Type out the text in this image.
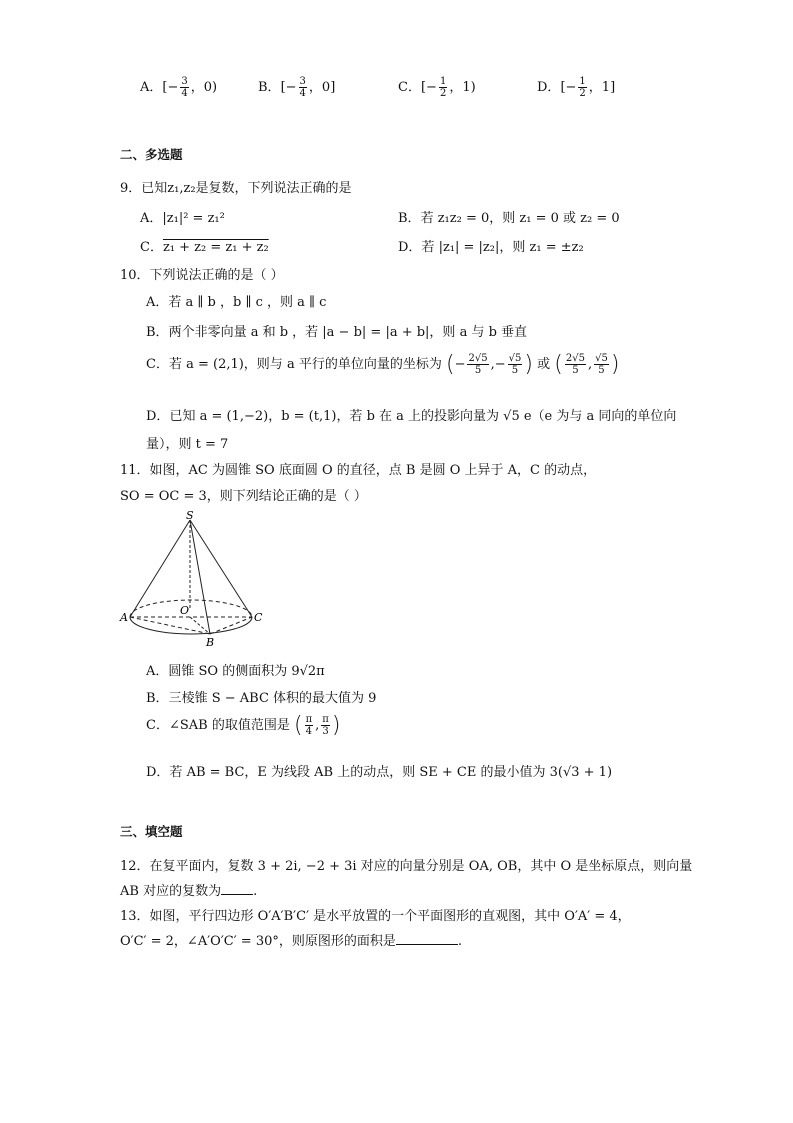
A．[− $\frac{3}{4}$ ，0)	B．[− $\frac{3}{4}$ ，0]	C．[− $\frac{1}{2}$ ，1)	D．[− $\frac{1}{2}$ ，1]
二、多选题
9．已知z₁,z₂是复数，下列说法正确的是
A．|z₁|² = z₁²	B．若 z₁z₂ = 0，则 z₁ = 0 或 z₂ = 0
C．z₁ + z₂ = z₁ + z₂	D．若 |z₁| = |z₂|，则 z₁ = ±z₂
10．下列说法正确的是（ ）
A．若 a ∥ b ，b ∥ c ，则 a ∥ c
B．两个非零向量 a 和 b ，若 |a − b| = |a + b|，则 a 与 b 垂直
C．若 a = (2,1)，则与 a 平行的单位向量的坐标为 (− $\frac{2√5}{5}$ ,− $\frac{√5}{5}$ ) 或 ( $\frac{2√5}{5}$ , $\frac{√5}{5}$ )
D．已知 a = (1,−2)，b = (t,1)，若 b 在 a 上的投影向量为 √5 e（e 为与 a 同向的单位向
量），则 t = 7
11．如图，AC 为圆锥 SO 底面圆 O 的直径，点 B 是圆 O 上异于 A，C 的动点，
SO = OC = 3，则下列结论正确的是（ ）
S
A
O
C
B
A．圆锥 SO 的侧面积为 9√2π
B．三棱锥 S − ABC 体积的最大值为 9
C．∠SAB 的取值范围是 ( $\frac{\pi}{4}$ , $\frac{\pi}{3}$ )
D．若 AB = BC，E 为线段 AB 上的动点，则 SE + CE 的最小值为 3(√3 + 1)
三、填空题
12．在复平面内，复数 3 + 2i, −2 + 3i 对应的向量分别是 OA, OB，其中 O 是坐标原点，则向量
AB 对应的复数为 .
13．如图，平行四边形 O′A′B′C′ 是水平放置的一个平面图形的直观图，其中 O′A′ = 4，
O′C′ = 2，∠A′O′C′ = 30°，则原图形的面积是	.
